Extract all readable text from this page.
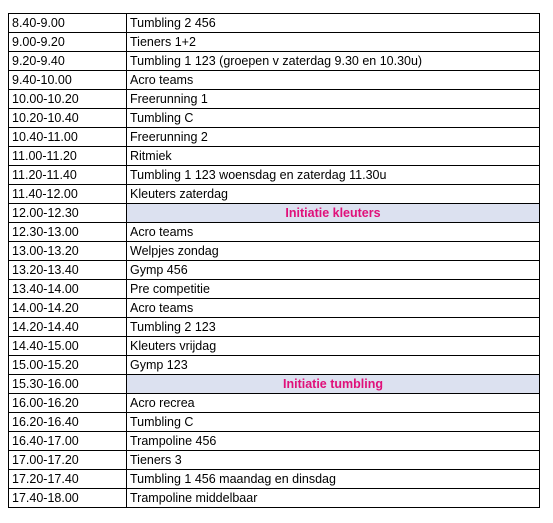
8.40-9.00	Tumbling 2 456
9.00-9.20	Tieners 1+2
9.20-9.40	Tumbling 1 123 (groepen v zaterdag 9.30 en 10.30u)
9.40-10.00	Acro teams
10.00-10.20	Freerunning 1
10.20-10.40	Tumbling C
10.40-11.00	Freerunning 2
11.00-11.20	Ritmiek
11.20-11.40	Tumbling 1 123 woensdag en zaterdag 11.30u
11.40-12.00	Kleuters zaterdag
12.00-12.30	Initiatie kleuters
12.30-13.00	Acro teams
13.00-13.20	Welpjes zondag
13.20-13.40	Gymp 456
13.40-14.00	Pre competitie
14.00-14.20	Acro teams
14.20-14.40	Tumbling 2 123
14.40-15.00	Kleuters vrijdag
15.00-15.20	Gymp 123
15.30-16.00	Initiatie tumbling
16.00-16.20	Acro recrea
16.20-16.40	Tumbling C
16.40-17.00	Trampoline 456
17.00-17.20	Tieners 3
17.20-17.40	Tumbling 1 456 maandag en dinsdag
17.40-18.00	Trampoline middelbaar
